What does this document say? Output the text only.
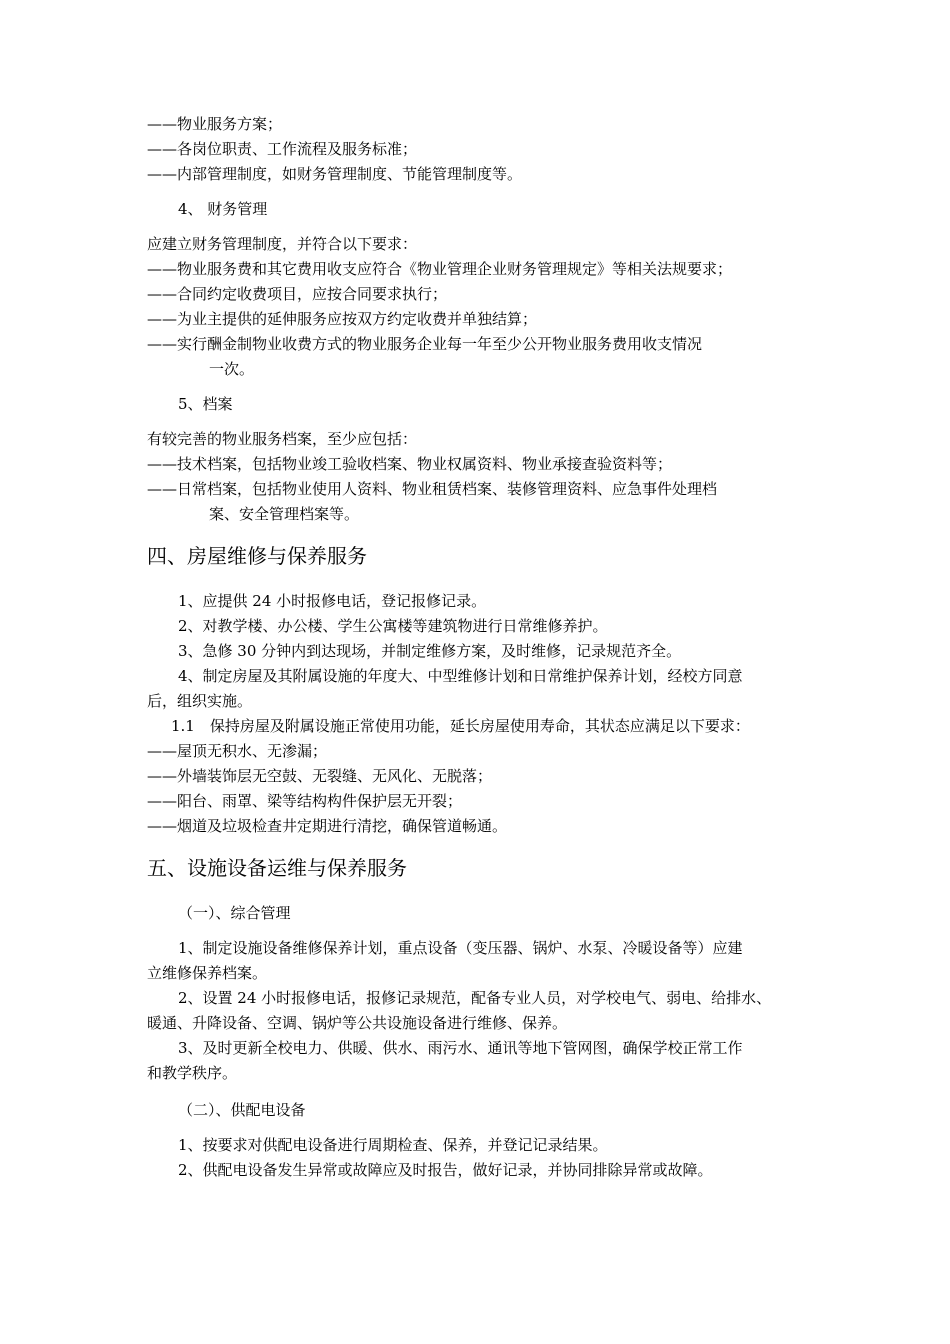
——物业服务方案；
——各岗位职责、工作流程及服务标准；
——内部管理制度，如财务管理制度、节能管理制度等。
4、 财务管理
应建立财务管理制度，并符合以下要求：
——物业服务费和其它费用收支应符合《物业管理企业财务管理规定》等相关法规要求；
——合同约定收费项目，应按合同要求执行；
——为业主提供的延伸服务应按双方约定收费并单独结算；
——实行酬金制物业收费方式的物业服务企业每一年至少公开物业服务费用收支情况
一次。
5、档案
有较完善的物业服务档案，至少应包括：
——技术档案，包括物业竣工验收档案、物业权属资料、物业承接查验资料等；
——日常档案，包括物业使用人资料、物业租赁档案、装修管理资料、应急事件处理档
案、安全管理档案等。
四、房屋维修与保养服务
1、应提供 24 小时报修电话，登记报修记录。
2、对教学楼、办公楼、学生公寓楼等建筑物进行日常维修养护。
3、急修 30 分钟内到达现场，并制定维修方案，及时维修，记录规范齐全。
4、制定房屋及其附属设施的年度大、中型维修计划和日常维护保养计划，经校方同意
后，组织实施。
1.1　保持房屋及附属设施正常使用功能，延长房屋使用寿命，其状态应满足以下要求：
——屋顶无积水、无渗漏；
——外墙装饰层无空鼓、无裂缝、无风化、无脱落；
——阳台、雨罩、梁等结构构件保护层无开裂；
——烟道及垃圾检查井定期进行清挖，确保管道畅通。
五、设施设备运维与保养服务
（一）、综合管理
1、制定设施设备维修保养计划，重点设备（变压器、锅炉、水泵、冷暖设备等）应建
立维修保养档案。
2、设置 24 小时报修电话，报修记录规范，配备专业人员，对学校电气、弱电、给排水、
暖通、升降设备、空调、锅炉等公共设施设备进行维修、保养。
3、及时更新全校电力、供暖、供水、雨污水、通讯等地下管网图，确保学校正常工作
和教学秩序。
（二）、供配电设备
1、按要求对供配电设备进行周期检查、保养，并登记记录结果。
2、供配电设备发生异常或故障应及时报告，做好记录，并协同排除异常或故障。
